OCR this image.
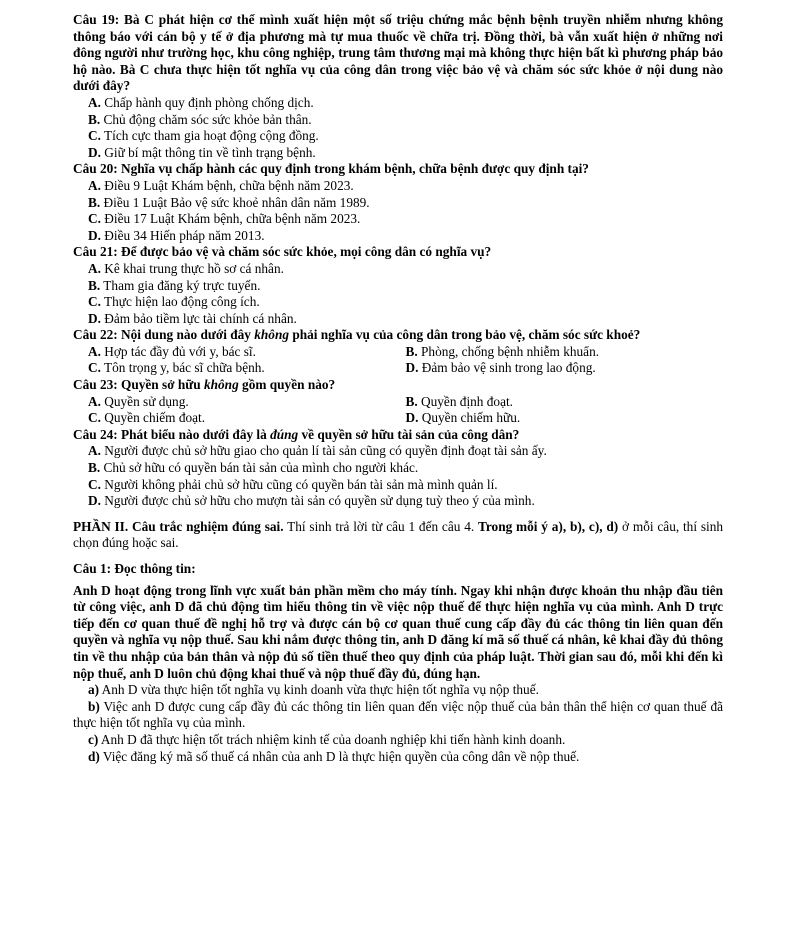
Câu 19: Bà C phát hiện cơ thể mình xuất hiện một số triệu chứng mắc bệnh bệnh truyền nhiễm nhưng không thông báo với cán bộ y tế ở địa phương mà tự mua thuốc về chữa trị. Đồng thời, bà vẫn xuất hiện ở những nơi đông người như trường học, khu công nghiệp, trung tâm thương mại mà không thực hiện bất kì phương pháp bảo hộ nào. Bà C chưa thực hiện tốt nghĩa vụ của công dân trong việc bảo vệ và chăm sóc sức khỏe ở nội dung nào dưới đây?

A. Chấp hành quy định phòng chống dịch.

B. Chủ động chăm sóc sức khỏe bản thân.

C. Tích cực tham gia hoạt động cộng đồng.

D. Giữ bí mật thông tin về tình trạng bệnh.

Câu 20: Nghĩa vụ chấp hành các quy định trong khám bệnh, chữa bệnh được quy định tại?

A. Điều 9 Luật Khám bệnh, chữa bệnh năm 2023.

B. Điều 1 Luật Bảo vệ sức khoẻ nhân dân năm 1989.

C. Điều 17 Luật Khám bệnh, chữa bệnh năm 2023.

D. Điều 34 Hiến pháp năm 2013.

Câu 21: Để được bảo vệ và chăm sóc sức khỏe, mọi công dân có nghĩa vụ?

A. Kê khai trung thực hồ sơ cá nhân.

B. Tham gia đăng ký trực tuyến.

C. Thực hiện lao động công ích.

D. Đảm bảo tiềm lực tài chính cá nhân.

Câu 22: Nội dung nào dưới đây không phải nghĩa vụ của công dân trong bảo vệ, chăm sóc sức khoẻ?

A. Hợp tác đầy đủ với y, bác sĩ.	B. Phòng, chống bệnh nhiễm khuẩn.
C. Tôn trọng y, bác sĩ chữa bệnh.	D. Đảm bảo vệ sinh trong lao động.

Câu 23: Quyền sở hữu không gồm quyền nào?

A. Quyền sử dụng.	B. Quyền định đoạt.
C. Quyền chiếm đoạt.	D. Quyền chiếm hữu.

Câu 24: Phát biểu nào dưới đây là đúng về quyền sở hữu tài sản của công dân?

A. Người được chủ sở hữu giao cho quản lí tài sản cũng có quyền định đoạt tài sản ấy.

B. Chủ sở hữu có quyền bán tài sản của mình cho người khác.

C. Người không phải chủ sở hữu cũng có quyền bán tài sản mà mình quản lí.

D. Người được chủ sở hữu cho mượn tài sản có quyền sử dụng tuỳ theo ý của mình.

PHẦN II. Câu trắc nghiệm đúng sai. Thí sinh trả lời từ câu 1 đến câu 4. Trong mỗi ý a), b), c), d) ở mỗi câu, thí sinh chọn đúng hoặc sai.

Câu 1: Đọc thông tin:

Anh D hoạt động trong lĩnh vực xuất bản phần mềm cho máy tính. Ngay khi nhận được khoản thu nhập đầu tiên từ công việc, anh D đã chủ động tìm hiểu thông tin về việc nộp thuế để thực hiện nghĩa vụ của mình. Anh D trực tiếp đến cơ quan thuế đề nghị hỗ trợ và được cán bộ cơ quan thuế cung cấp đầy đủ các thông tin liên quan đến quyền và nghĩa vụ nộp thuế. Sau khi nắm được thông tin, anh D đăng kí mã số thuế cá nhân, kê khai đầy đủ thông tin về thu nhập của bản thân và nộp đủ số tiền thuế theo quy định của pháp luật. Thời gian sau đó, mỗi khi đến kì nộp thuế, anh D luôn chủ động khai thuế và nộp thuế đầy đủ, đúng hạn.

a) Anh D vừa thực hiện tốt nghĩa vụ kinh doanh vừa thực hiện tốt nghĩa vụ nộp thuế.

b) Việc anh D được cung cấp đầy đủ các thông tin liên quan đến việc nộp thuế của bản thân thể hiện cơ quan thuế đã thực hiện tốt nghĩa vụ của mình.

c) Anh D đã thực hiện tốt trách nhiệm kinh tế của doanh nghiệp khi tiến hành kinh doanh.

d) Việc đăng ký mã số thuế cá nhân của anh D là thực hiện quyền của công dân về nộp thuế.
